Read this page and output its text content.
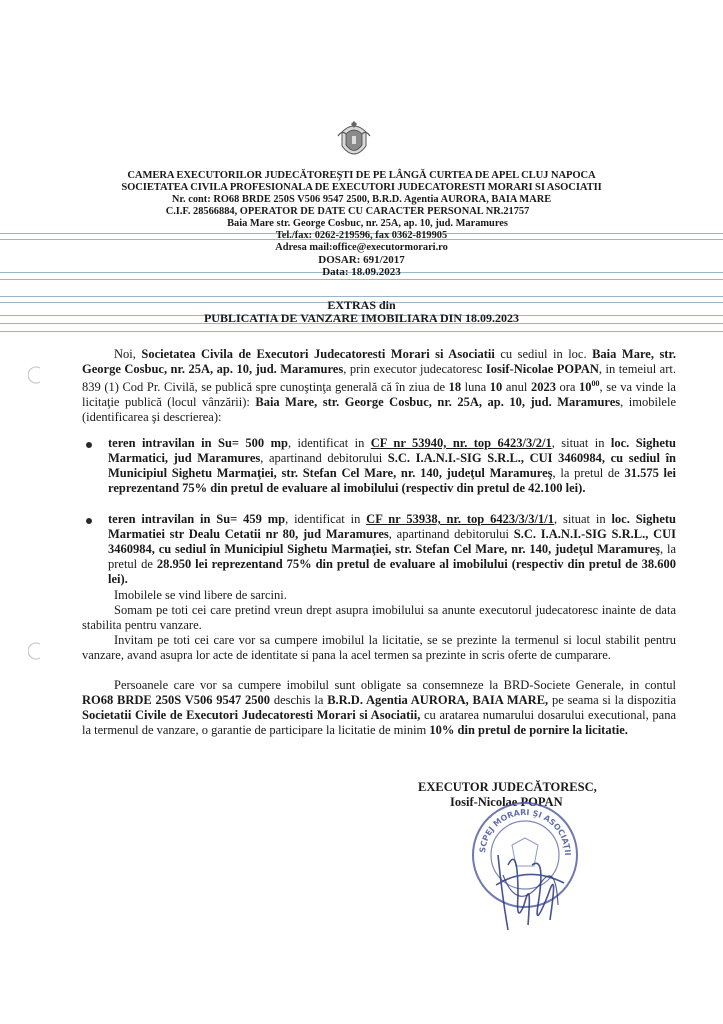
CAMERA EXECUTORILOR JUDECĂTOREŞTI DE PE LÂNGĂ CURTEA DE APEL CLUJ NAPOCA
SOCIETATEA CIVILA PROFESIONALA DE EXECUTORI JUDECATORESTI MORARI SI ASOCIATII
Nr. cont: RO68 BRDE 250S V506 9547 2500, B.R.D. Agentia AURORA, BAIA MARE
C.I.F. 28566884, OPERATOR DE DATE CU CARACTER PERSONAL NR.21757
Baia Mare str. George Cosbuc, nr. 25A, ap. 10, jud. Maramures
Tel./fax: 0262-219596, fax 0362-819905
Adresa mail:office@executormorari.ro
DOSAR: 691/2017
Data: 18.09.2023
EXTRAS din
PUBLICATIA DE VANZARE IMOBILIARA DIN 18.09.2023
Noi, Societatea Civila de Executori Judecatoresti Morari si Asociatii cu sediul in loc. Baia Mare, str. George Cosbuc, nr. 25A, ap. 10, jud. Maramures, prin executor judecatoresc Iosif-Nicolae POPAN, in temeiul art. 839 (1) Cod Pr. Civilă, se publică spre cunoştinţa generală că în ziua de 18 luna 10 anul 2023 ora $10^{00}$, se va vinde la licitaţie publică (locul vânzării): Baia Mare, str. George Cosbuc, nr. 25A, ap. 10, jud. Maramures, imobilele (identificarea şi descrierea):
teren intravilan in Su= 500 mp, identificat in CF nr 53940, nr. top 6423/3/2/1, situat in loc. Sighetu Marmatici, jud Maramures, apartinand debitorului S.C. I.A.N.I.-SIG S.R.L., CUI 3460984, cu sediul în Municipiul Sighetu Marmaţiei, str. Stefan Cel Mare, nr. 140, judeţul Maramureş, la pretul de 31.575 lei reprezentand 75% din pretul de evaluare al imobilului (respectiv din pretul de 42.100 lei).
teren intravilan in Su= 459 mp, identificat in CF nr 53938, nr. top 6423/3/3/1/1, situat in loc. Sighetu Marmatiei str Dealu Cetatii nr 80, jud Maramures, apartinand debitorului S.C. I.A.N.I.-SIG S.R.L., CUI 3460984, cu sediul în Municipiul Sighetu Marmaţiei, str. Stefan Cel Mare, nr. 140, judeţul Maramureş, la pretul de 28.950 lei reprezentand 75% din pretul de evaluare al imobilului (respectiv din pretul de 38.600 lei).
Imobilele se vind libere de sarcini.
Somam pe toti cei care pretind vreun drept asupra imobilului sa anunte executorul judecatoresc inainte de data stabilita pentru vanzare.
Invitam pe toti cei care vor sa cumpere imobilul la licitatie, se se prezinte la termenul si locul stabilit pentru vanzare, avand asupra lor acte de identitate si pana la acel termen sa prezinte in scris oferte de cumparare.
Persoanele care vor sa cumpere imobilul sunt obligate sa consemneze la BRD-Societe Generale, in contul RO68 BRDE 250S V506 9547 2500 deschis la B.R.D. Agentia AURORA, BAIA MARE, pe seama si la dispozitia Societatii Civile de Executori Judecatoresti Morari si Asociatii, cu aratarea numarului dosarului executional, pana la termenul de vanzare, o garantie de participare la licitatie de minim 10% din pretul de pornire la licitatie.
EXECUTOR JUDECĂTORESC,
Iosif-Nicolae POPAN
SCPEJ MORARI ŞI ASOCIAŢII
